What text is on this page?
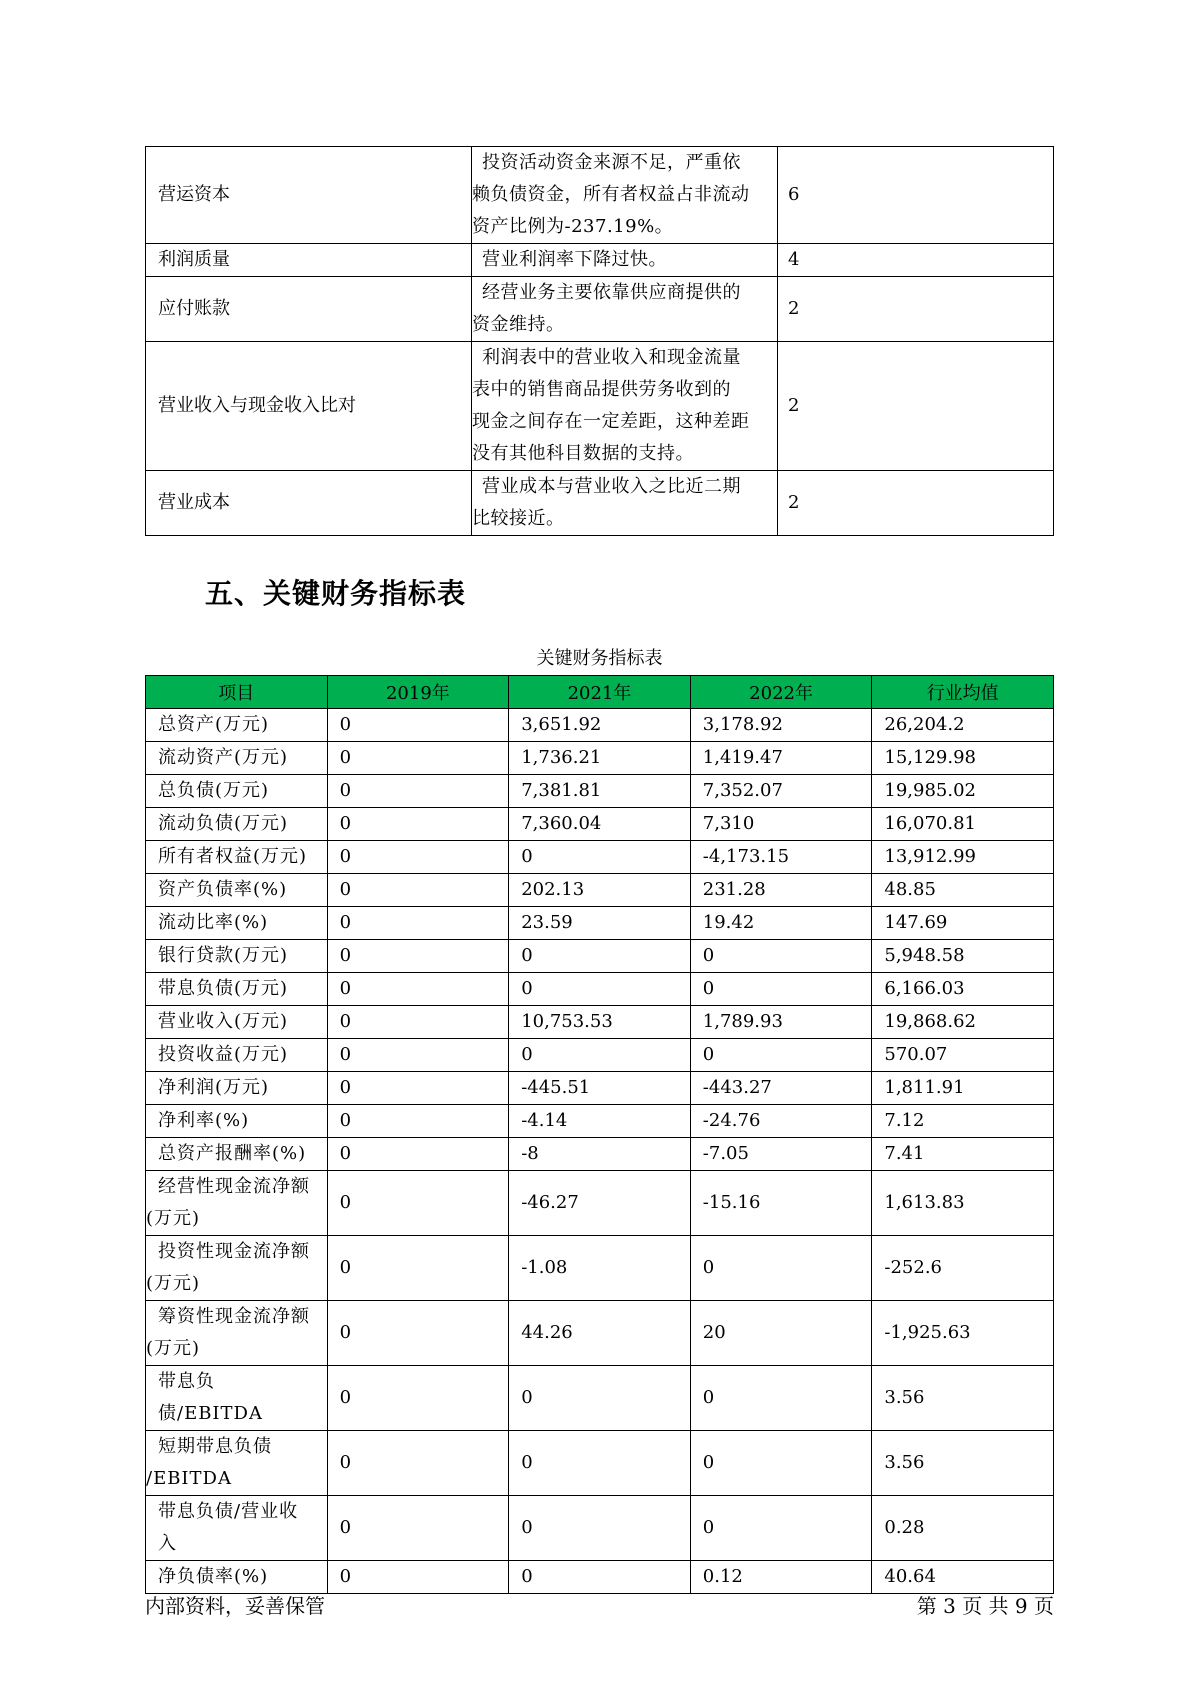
营运资本	投资活动资金来源不足，严重依
赖负债资金，所有者权益占非流动
资产比例为-237.19%。	6
利润质量	营业利润率下降过快。	4
应付账款	经营业务主要依靠供应商提供的
资金维持。	2
营业收入与现金收入比对	利润表中的营业收入和现金流量
表中的销售商品提供劳务收到的
现金之间存在一定差距，这种差距
没有其他科目数据的支持。	2
营业成本	营业成本与营业收入之比近二期
比较接近。	2
五、关键财务指标表
关键财务指标表
项目	2019年	2021年	2022年	行业均值
总资产(万元)	0	3,651.92	3,178.92	26,204.2
流动资产(万元)	0	1,736.21	1,419.47	15,129.98
总负债(万元)	0	7,381.81	7,352.07	19,985.02
流动负债(万元)	0	7,360.04	7,310	16,070.81
所有者权益(万元)	0	0	-4,173.15	13,912.99
资产负债率(%)	0	202.13	231.28	48.85
流动比率(%)	0	23.59	19.42	147.69
银行贷款(万元)	0	0	0	5,948.58
带息负债(万元)	0	0	0	6,166.03
营业收入(万元)	0	10,753.53	1,789.93	19,868.62
投资收益(万元)	0	0	0	570.07
净利润(万元)	0	-445.51	-443.27	1,811.91
净利率(%)	0	-4.14	-24.76	7.12
总资产报酬率(%)	0	-8	-7.05	7.41

经营性现金流净额
(万元)	0	-46.27	-15.16	1,613.83

投资性现金流净额
(万元)	0	-1.08	0	-252.6

筹资性现金流净额
(万元)	0	44.26	20	-1,925.63
带息负债/EBITDA	0	0	0	3.56

短期带息负债
/EBITDA	0	0	0	3.56
带息负债/营业收入	0	0	0	0.28
净负债率(%)	0	0	0.12	40.64
内部资料，妥善保管	第 3 页 共 9 页
